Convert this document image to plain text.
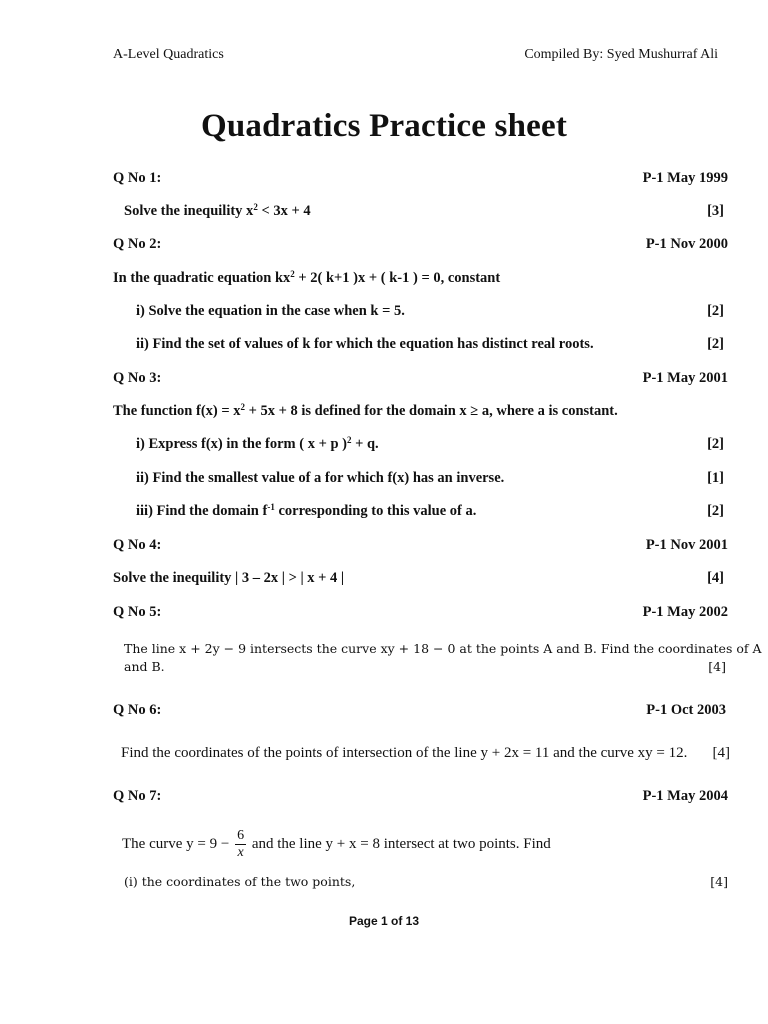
A-Level Quadratics	Compiled By: Syed Mushurraf Ali
Quadratics Practice sheet
Q No 1:	P-1 May 1999
Solve the inequility $x^2 < 3x + 4$	[3]
Q No 2:	P-1 Nov 2000
In the quadratic equation $kx^2 + 2$( k+1 )x + ( k-1 ) = 0, constant
i) Solve the equation in the case when k = 5.	[2]
ii) Find the set of values of k for which the equation has distinct real roots.	[2]
Q No 3:	P-1 May 2001
The function $f(x) = x^2 + 5x + 8$ is defined for the domain x ≥ a, where a is constant.
i) Express f(x) in the form ( x + p )$^2$ + q.	[2]
ii) Find the smallest value of a for which f(x) has an inverse.	[1]
iii) Find the domain $f^{-1}$ corresponding to this value of a.	[2]
Q No 4:	P-1 Nov 2001
Solve the inequility | 3 – 2x | > | x + 4 |	[4]
Q No 5:	P-1 May 2002
The line x + 2y − 9 intersects the curve xy + 18 − 0 at the points A and B. Find the coordinates of A
and B.	[4]
Q No 6:	P-1 Oct 2003
Find the coordinates of the points of intersection of the line y + 2x = 11 and the curve xy = 12. [4]
Q No 7:	P-1 May 2004
The curve $y = 9 - \frac{6}{x}$ and the line y + x = 8 intersect at two points. Find
(i) the coordinates of the two points,	[4]
Page 1 of 13
